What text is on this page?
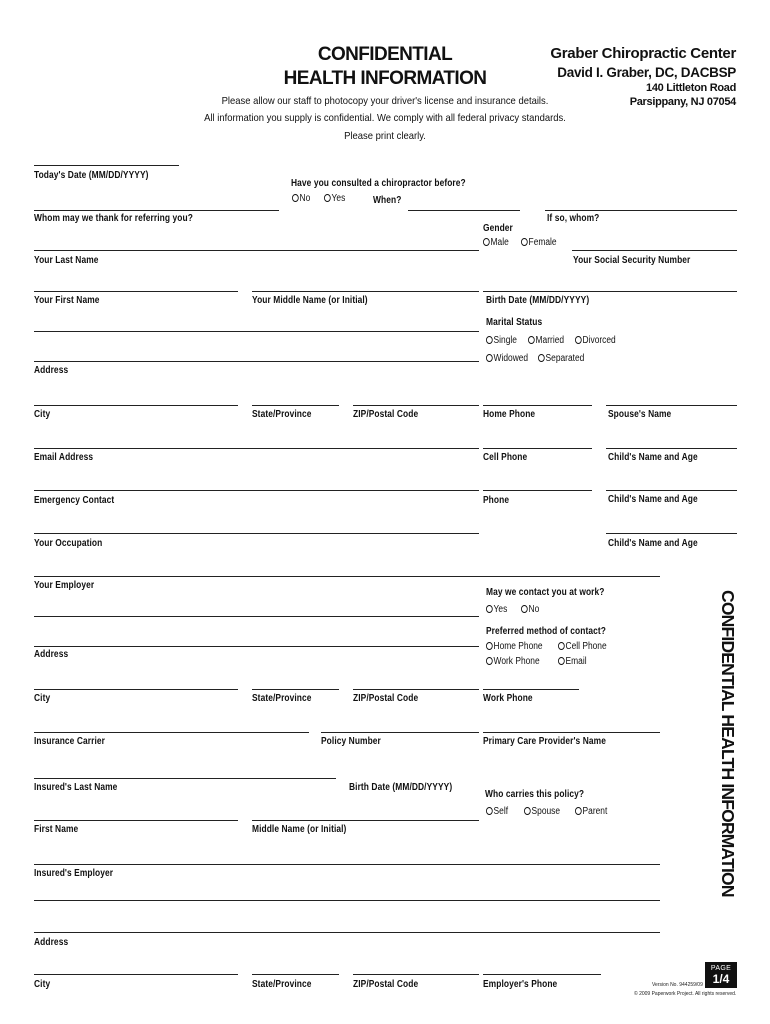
CONFIDENTIAL
HEALTH INFORMATION
Graber Chiropractic Center
David I. Graber, DC, DACBSP
140 Littleton Road
Parsippany, NJ 07054
Please allow our staff to photocopy your driver's license and insurance details.
All information you supply is confidential. We comply with all federal privacy standards.
Please print clearly.
Today's Date (MM/DD/YYYY)
Have you consulted a chiropractor before?
No	Yes	When?
Whom may we thank for referring you?	If so, whom?
Gender
Male	Female
Your Last Name	Your Social Security Number
Your First Name	Your Middle Name (or Initial)	Birth Date (MM/DD/YYYY)
Marital Status
Single	Married	Divorced
Widowed	Separated
Address
City	State/Province	ZIP/Postal Code	Home Phone	Spouse's Name
Email Address	Cell Phone	Child's Name and Age
Emergency Contact	Phone	Child's Name and Age
Your Occupation	Child's Name and Age
Your Employer
May we contact you at work?
Yes	No
Preferred method of contact?
Home Phone	Cell Phone
Work Phone	Email
Address
City	State/Province	ZIP/Postal Code	Work Phone
Insurance Carrier	Policy Number	Primary Care Provider's Name
Insured's Last Name	Birth Date (MM/DD/YYYY)
Who carries this policy?
Self	Spouse	Parent
First Name	Middle Name (or Initial)
Insured's Employer
Address
City	State/Province	ZIP/Postal Code	Employer's Phone
CONFIDENTIAL HEALTH INFORMATION
PAGE
1/4
Version No. 944259/09
© 2009 Paperwork Project. All rights reserved.
